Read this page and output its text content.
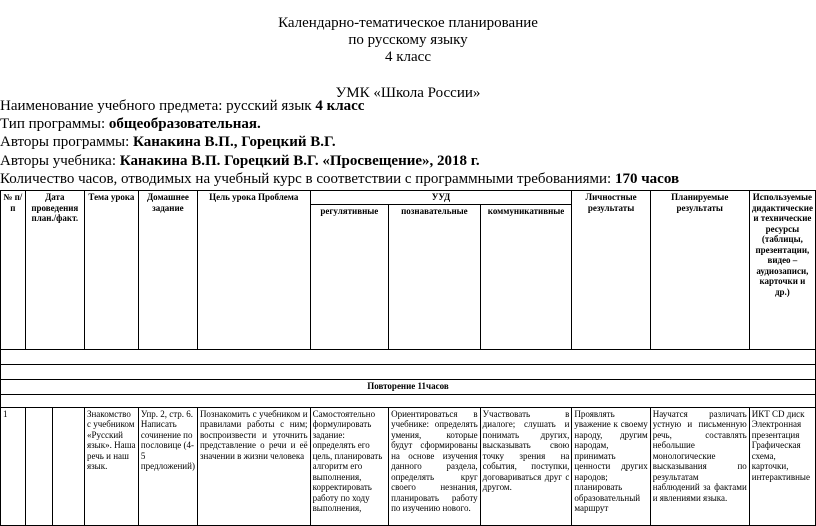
Календарно-тематическое планирование
по русскому языку
4 класс
УМК «Школа России»
Наименование учебного предмета: русский язык 4 класс
Тип программы: общеобразовательная.
Авторы программы: Канакина В.П., Горецкий В.Г.
Авторы учебника: Канакина В.П. Горецкий В.Г. «Просвещение», 2018 г.
Количество часов, отводимых на учебный курс в соответствии с программными требованиями: 170 часов
№ п/п	Дата проведения план./факт.		Тема урока	Домашнее задание	Цель урока Проблема	УУД			Личностные результаты	Планируемые результаты	Используемые дидактические и технические ресурсы (таблицы, презентации, видео – аудиозаписи, карточки и др.)
						регулятивные	познавательные	коммуникативные			

Повторение 11часов											

1			Знакомство с учебником «Русский язык». Наша речь и наш язык.	Упр. 2, стр. 6. Написать сочинение по пословице (4-5 предложений)	Познакомить с учебником и правилами работы с ним; воспроизвести и уточнить представление о речи и её значении в жизни человека	Самостоятельно формулировать задание: определять его цель, планировать алгоритм его выполнения, корректировать работу по ходу выполнения,	Ориентироваться в учебнике: определять умения, которые будут сформированы на основе изучения данного раздела, определять круг своего незнания, планировать работу по изучению нового.	Участвовать в диалоге; слушать и понимать других, высказывать свою точку зрения на события, поступки, договариваться друг с другом.	Проявлять уважение к своему народу, другим народам, принимать ценности других народов; планировать образовательный маршрут	Научатся различать устную и письменную речь, составлять небольшие монологические высказывания по результатам наблюдений за фактами и явлениями языка.	ИКТ CD диск Электронная презентация Графическая схема, карточки, интерактивные
